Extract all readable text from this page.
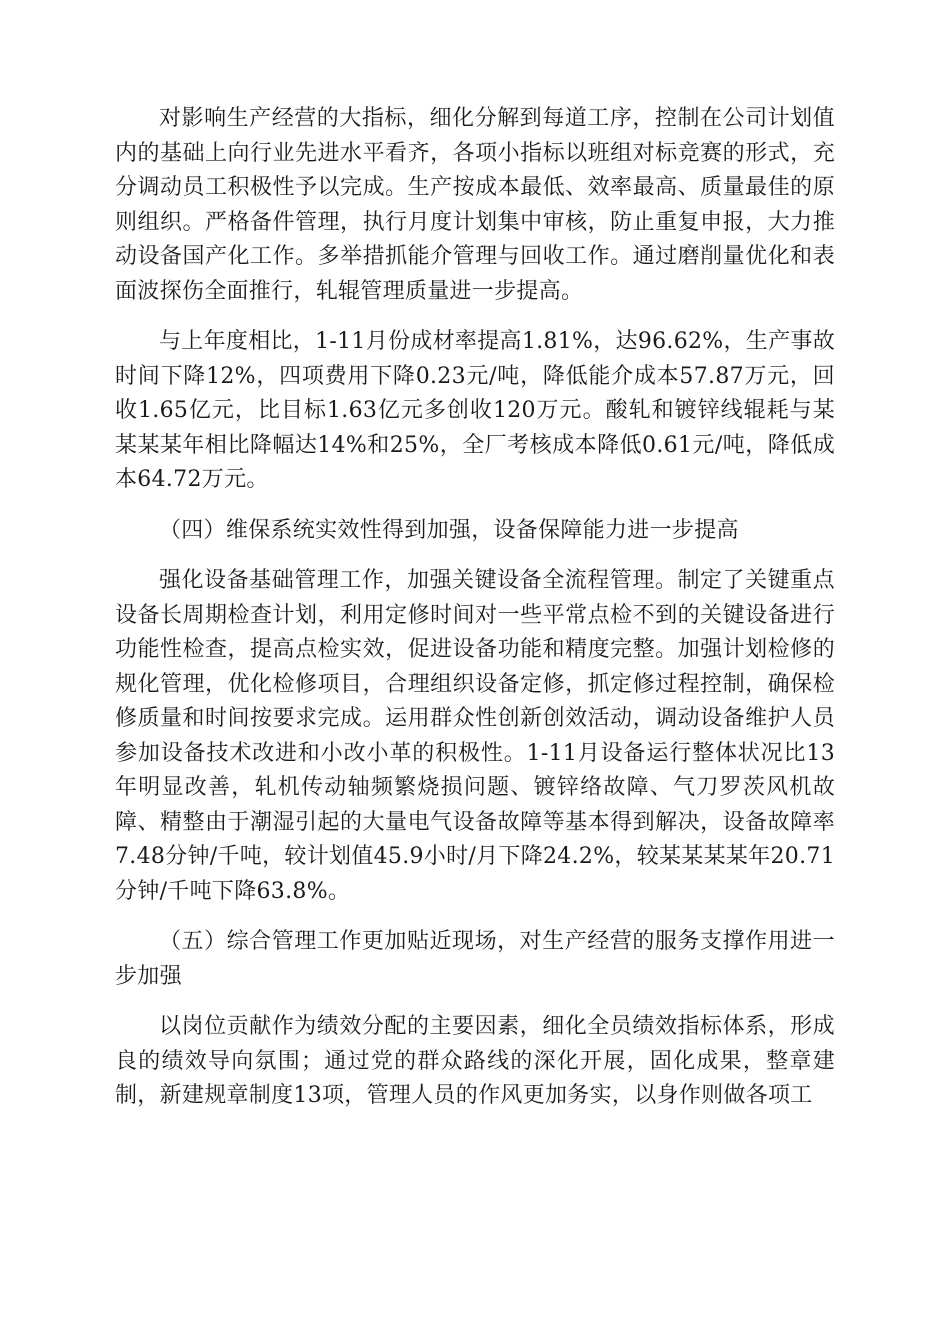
对影响生产经营的大指标，细化分解到每道工序，控制在公司计划值内的基础上向行业先进水平看齐，各项小指标以班组对标竞赛的形式，充分调动员工积极性予以完成。生产按成本最低、效率最高、质量最佳的原则组织。严格备件管理，执行月度计划集中审核，防止重复申报，大力推动设备国产化工作。多举措抓能介管理与回收工作。通过磨削量优化和表面波探伤全面推行，轧辊管理质量进一步提高。

与上年度相比，1-11月份成材率提高1.81%，达96.62%，生产事故时间下降12%，四项费用下降0.23元/吨，降低能介成本57.87万元，回收1.65亿元，比目标1.63亿元多创收120万元。酸轧和镀锌线辊耗与某某某某年相比降幅达14%和25%，全厂考核成本降低0.61元/吨，降低成本64.72万元。

（四）维保系统实效性得到加强，设备保障能力进一步提高

强化设备基础管理工作，加强关键设备全流程管理。制定了关键重点设备长周期检查计划，利用定修时间对一些平常点检不到的关键设备进行功能性检查，提高点检实效，促进设备功能和精度完整。加强计划检修的规化管理，优化检修项目，合理组织设备定修，抓定修过程控制，确保检修质量和时间按要求完成。运用群众性创新创效活动，调动设备维护人员参加设备技术改进和小改小革的积极性。1-11月设备运行整体状况比13年明显改善，轧机传动轴频繁烧损问题、镀锌络故障、气刀罗茨风机故障、精整由于潮湿引起的大量电气设备故障等基本得到解决，设备故障率7.48分钟/千吨，较计划值45.9小时/月下降24.2%，较某某某某年20.71分钟/千吨下降63.8%。

（五）综合管理工作更加贴近现场，对生产经营的服务支撑作用进一步加强

以岗位贡献作为绩效分配的主要因素，细化全员绩效指标体系，形成良的绩效导向氛围；通过党的群众路线的深化开展，固化成果，整章建制，新建规章制度13项，管理人员的作风更加务实，以身作则做各项工
